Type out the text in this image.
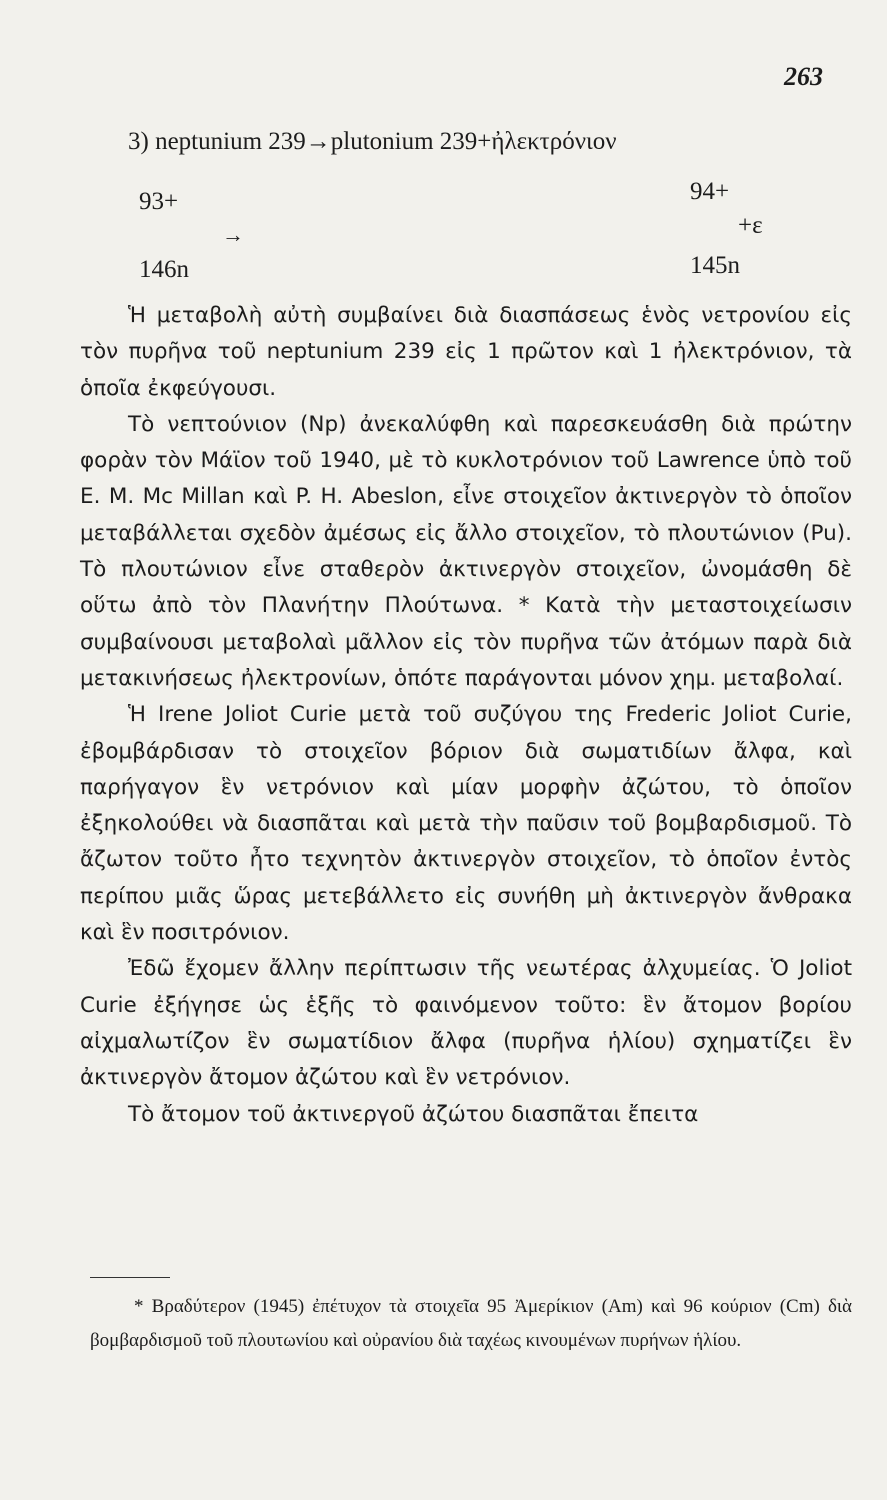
263
3) neptunium 239→plutonium 239+ἠλεκτρόνιον
93+
→
146n
94+
+ε
145n

Ἡ μεταβολὴ αὐτὴ συμβαίνει διὰ διασπάσεως ἑνὸς νετρονίου εἰς τὸν πυρῆνα τοῦ neptunium 239 εἰς 1 πρῶτον καὶ 1 ἠλεκτρόνιον, τὰ ὁποῖα ἐκφεύγουσι.

Τὸ νεπτούνιον (Np) ἀνεκαλύφθη καὶ παρεσκευάσθη διὰ πρώτην φορὰν τὸν Μάϊον τοῦ 1940, μὲ τὸ κυκλοτρόνιον τοῦ Lawrence ὑπὸ τοῦ E. M. Mc Millan καὶ P. H. Abeslon, εἶνε στοιχεῖον ἀκτινεργὸν τὸ ὁποῖον μεταβάλλεται σχεδὸν ἀμέσως εἰς ἄλλο στοιχεῖον, τὸ πλουτώνιον (Pu). Τὸ πλουτώνιον εἶνε σταθερὸν ἀκτινεργὸν στοιχεῖον, ὠνομάσθη δὲ οὕτω ἀπὸ τὸν Πλανήτην Πλούτωνα. * Κατὰ τὴν μεταστοιχείωσιν συμβαίνουσι μεταβολαὶ μᾶλλον εἰς τὸν πυρῆνα τῶν ἀτόμων παρὰ διὰ μετακινήσεως ἠλεκτρονίων, ὁπότε παράγονται μόνον χημ. μεταβολαί.

Ἡ Irene Joliot Curie μετὰ τοῦ συζύγου της Frederic Joliot Curie, ἐβομβάρδισαν τὸ στοιχεῖον βόριον διὰ σωματιδίων ἄλφα, καὶ παρήγαγον ἓν νετρόνιον καὶ μίαν μορφὴν ἀζώτου, τὸ ὁποῖον ἐξηκολούθει νὰ διασπᾶται καὶ μετὰ τὴν παῦσιν τοῦ βομβαρδισμοῦ. Τὸ ἄζωτον τοῦτο ἦτο τεχνητὸν ἀκτινεργὸν στοιχεῖον, τὸ ὁποῖον ἐντὸς περίπου μιᾶς ὥρας μετεβάλλετο εἰς συνήθη μὴ ἀκτινεργὸν ἄνθρακα καὶ ἓν ποσιτρόνιον.

Ἐδῶ ἔχομεν ἄλλην περίπτωσιν τῆς νεωτέρας ἀλχυμείας. Ὁ Joliot Curie ἐξήγησε ὡς ἑξῆς τὸ φαινόμενον τοῦτο: ἓν ἄτομον βορίου αἰχμαλωτίζον ἓν σωματίδιον ἄλφα (πυρῆνα ἡλίου) σχηματίζει ἓν ἀκτινεργὸν ἄτομον ἀζώτου καὶ ἓν νετρόνιον.

Τὸ ἄτομον τοῦ ἀκτινεργοῦ ἀζώτου διασπᾶται ἔπειτα

* Βραδύτερον (1945) ἐπέτυχον τὰ στοιχεῖα 95 Ἀμερίκιον (Am) καὶ 96 κούριον (Cm) διὰ βομβαρδισμοῦ τοῦ πλουτωνίου καὶ οὐρανίου διὰ ταχέως κινουμένων πυρήνων ἡλίου.
